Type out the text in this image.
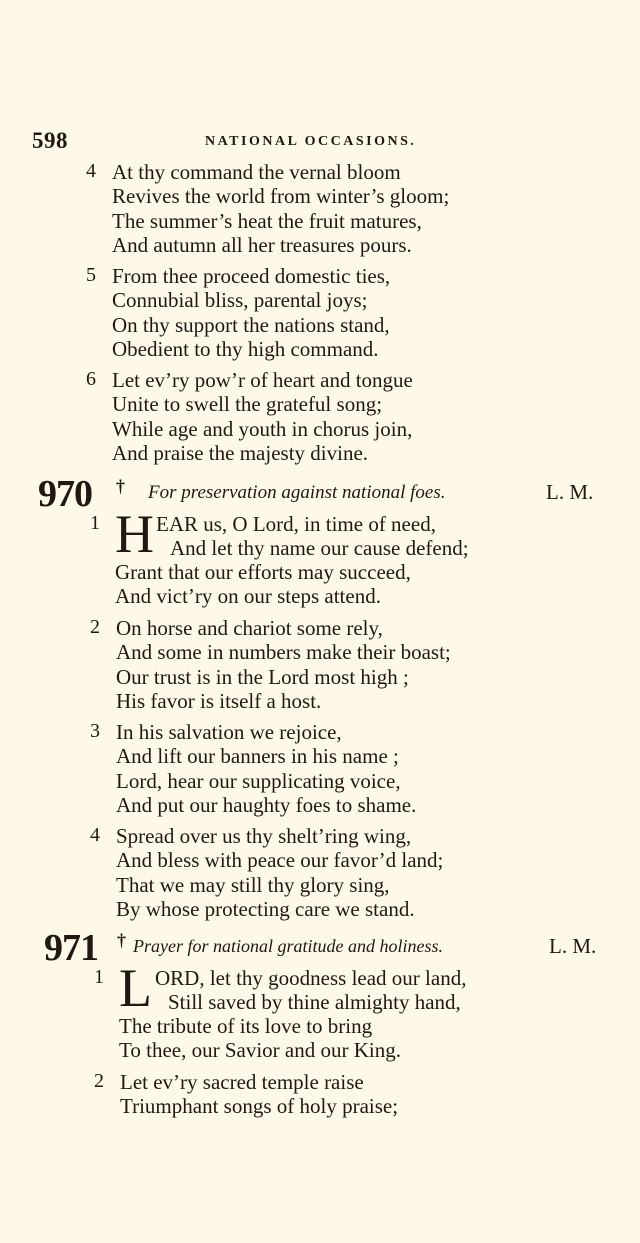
598	NATIONAL OCCASIONS.
4 At thy command the vernal bloom
Revives the world from winter’s gloom;
The summer’s heat the fruit matures,
And autumn all her treasures pours.
5 From thee proceed domestic ties,
Connubial bliss, parental joys;
On thy support the nations stand,
Obedient to thy high command.
6 Let ev’ry pow’r of heart and tongue
Unite to swell the grateful song;
While age and youth in chorus join,
And praise the majesty divine.
970 † For preservation against national foes.	L. M.
1 H EAR us, O Lord, in time of need,
And let thy name our cause defend;
Grant that our efforts may succeed,
And vict’ry on our steps attend.
2 On horse and chariot some rely,
And some in numbers make their boast;
Our trust is in the Lord most high ;
His favor is itself a host.
3 In his salvation we rejoice,
And lift our banners in his name ;
Lord, hear our supplicating voice,
And put our haughty foes to shame.
4 Spread over us thy shelt’ring wing,
And bless with peace our favor’d land;
That we may still thy glory sing,
By whose protecting care we stand.
971 † Prayer for national gratitude and holiness.	L. M.
1 L ORD, let thy goodness lead our land,
Still saved by thine almighty hand,
The tribute of its love to bring
To thee, our Savior and our King.
2 Let ev’ry sacred temple raise
Triumphant songs of holy praise;
